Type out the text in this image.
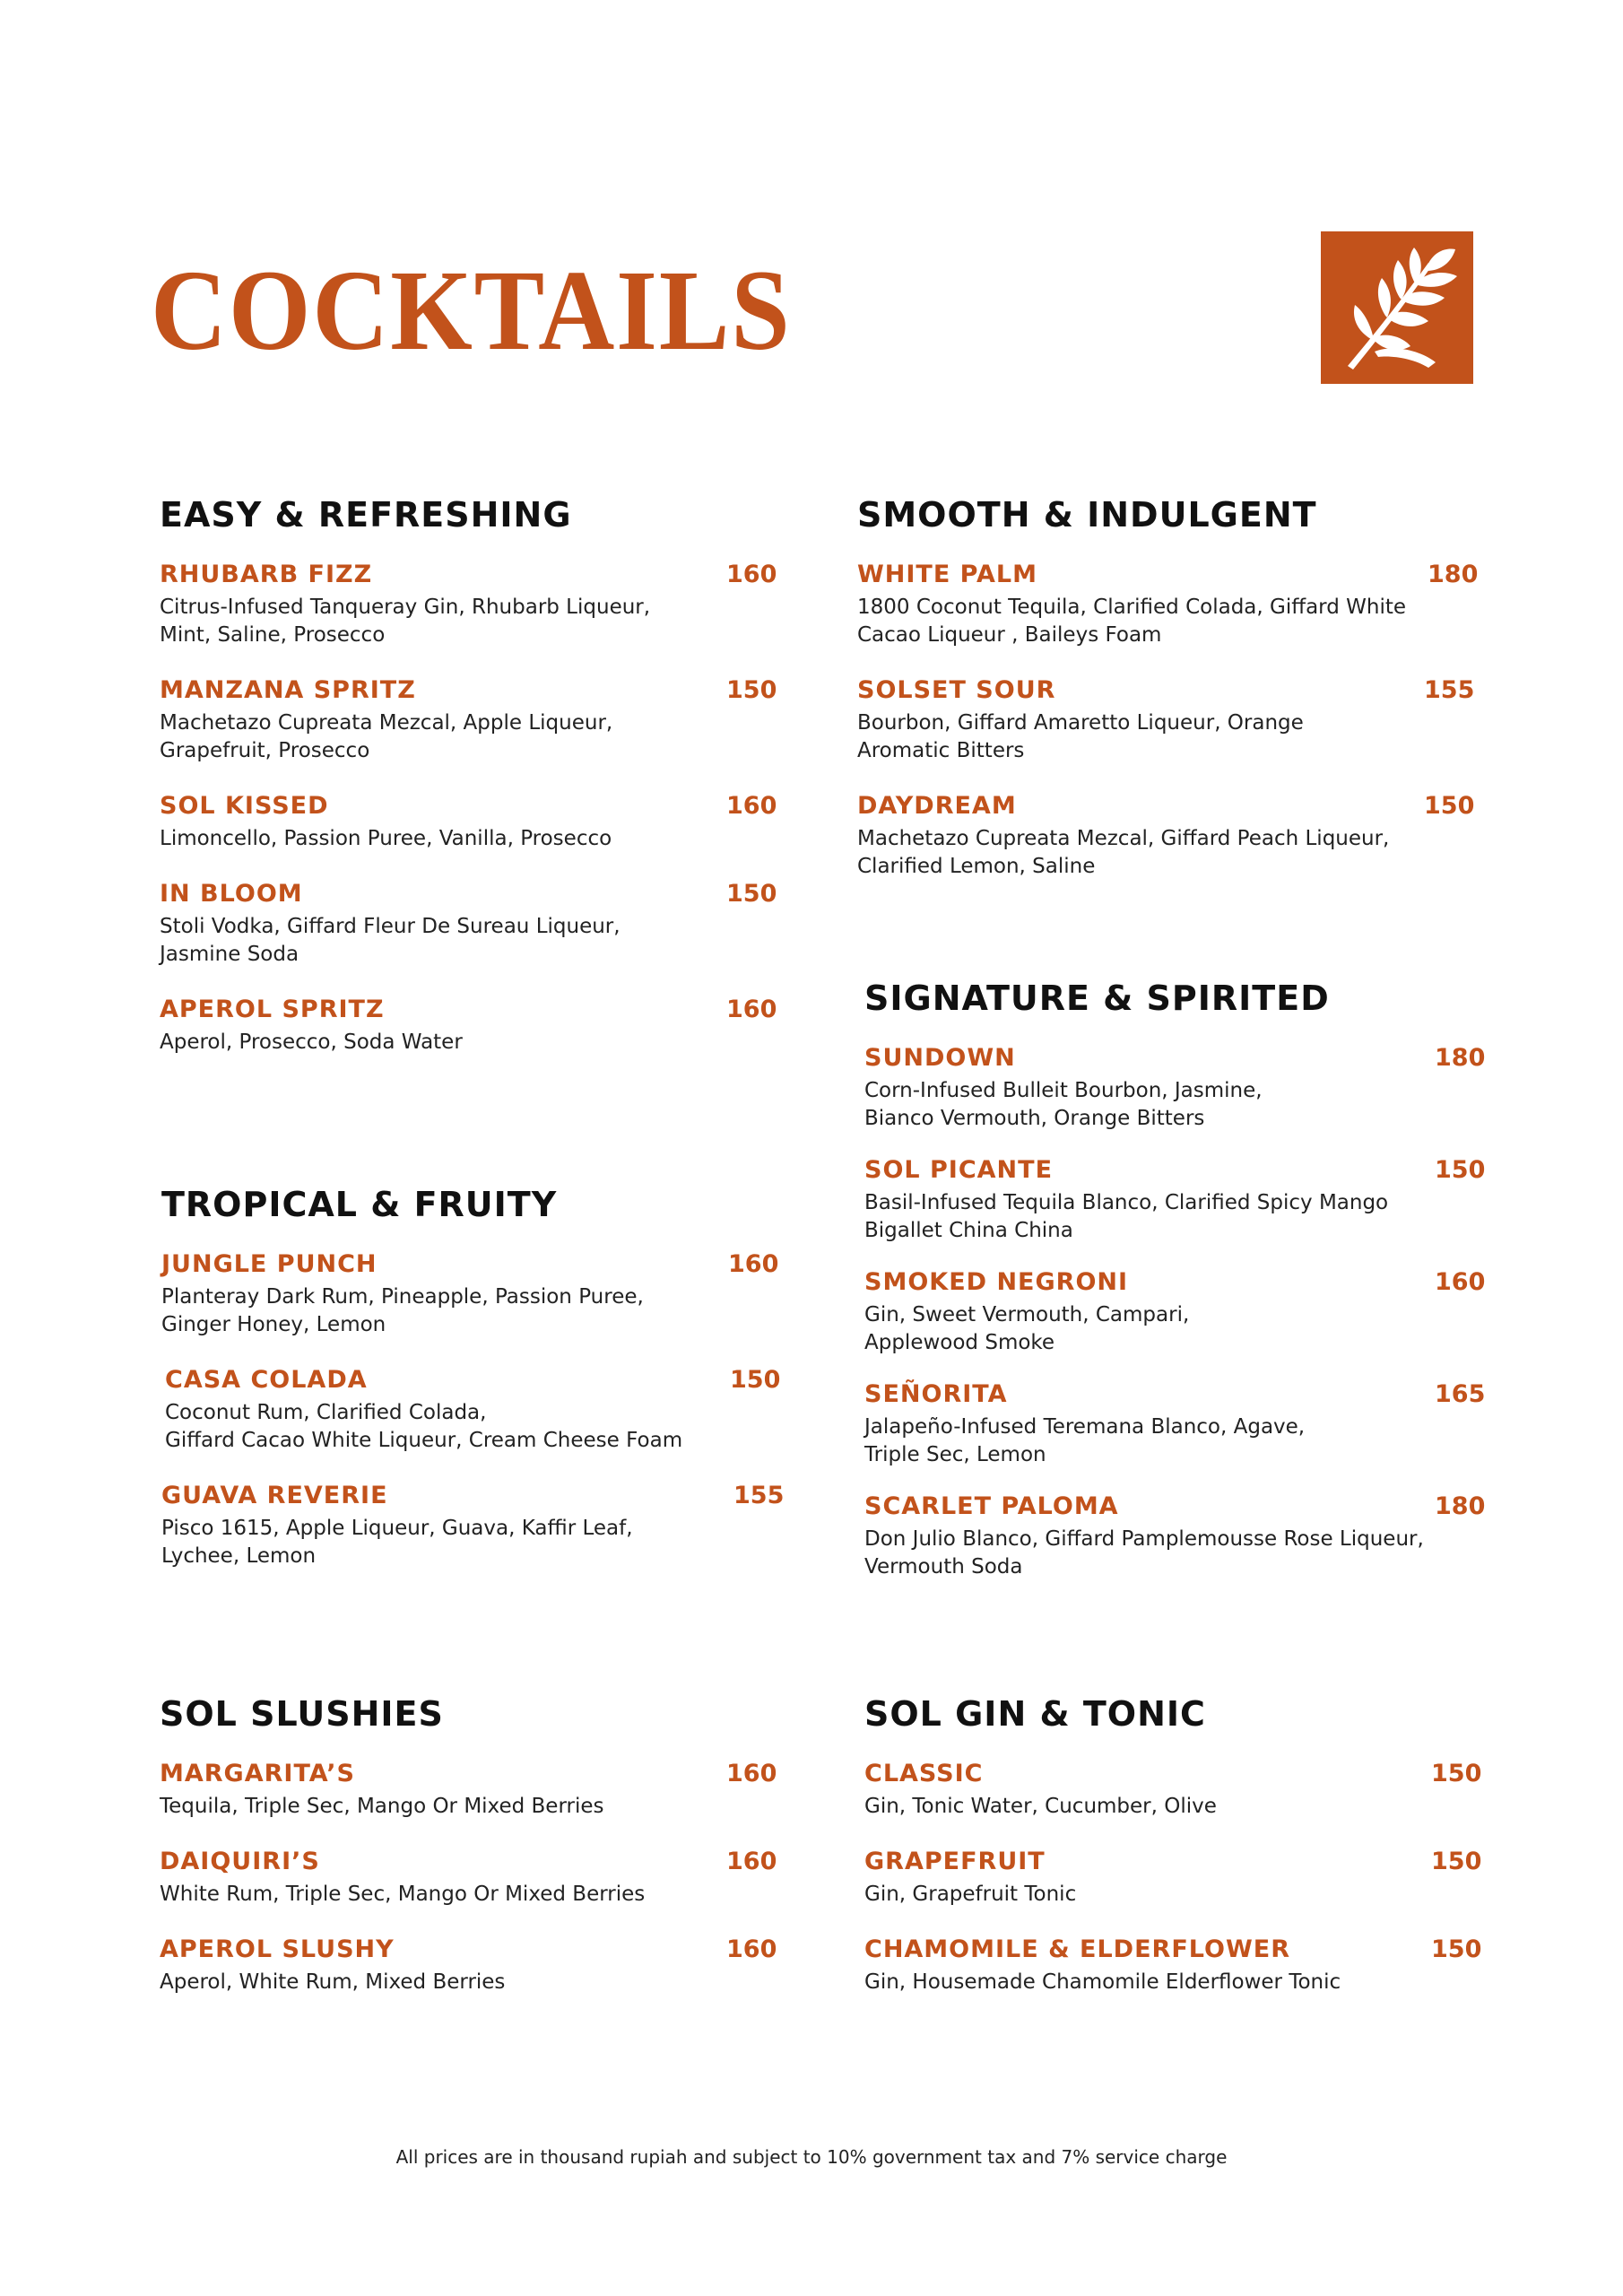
COCKTAILS
EASY & REFRESHING
RHUBARB FIZZ	160
Citrus-Infused Tanqueray Gin, Rhubarb Liqueur,
Mint, Saline, Prosecco
MANZANA SPRITZ	150
Machetazo Cupreata Mezcal, Apple Liqueur,
Grapefruit, Prosecco
SOL KISSED	160
Limoncello, Passion Puree, Vanilla, Prosecco
IN BLOOM	150
Stoli Vodka, Giffard Fleur De Sureau Liqueur,
Jasmine Soda
APEROL SPRITZ	160
Aperol, Prosecco, Soda Water
TROPICAL & FRUITY
JUNGLE PUNCH	160
Planteray Dark Rum, Pineapple, Passion Puree,
Ginger Honey, Lemon
CASA COLADA	150
Coconut Rum, Clarified Colada,
Giffard Cacao White Liqueur, Cream Cheese Foam
GUAVA REVERIE	155
Pisco 1615, Apple Liqueur, Guava, Kaffir Leaf,
Lychee, Lemon
SOL SLUSHIES
MARGARITA’S	160
Tequila, Triple Sec, Mango Or Mixed Berries
DAIQUIRI’S	160
White Rum, Triple Sec, Mango Or Mixed Berries
APEROL SLUSHY	160
Aperol, White Rum, Mixed Berries
SMOOTH & INDULGENT
WHITE PALM	180
1800 Coconut Tequila, Clarified Colada, Giffard White
Cacao Liqueur , Baileys Foam
SOLSET SOUR	155
Bourbon, Giffard Amaretto Liqueur, Orange
Aromatic Bitters
DAYDREAM	150
Machetazo Cupreata Mezcal, Giffard Peach Liqueur,
Clarified Lemon, Saline
SIGNATURE & SPIRITED
SUNDOWN	180
Corn-Infused Bulleit Bourbon, Jasmine,
Bianco Vermouth, Orange Bitters
SOL PICANTE	150
Basil-Infused Tequila Blanco, Clarified Spicy Mango
Bigallet China China
SMOKED NEGRONI	160
Gin, Sweet Vermouth, Campari,
Applewood Smoke
SEÑORITA	165
Jalapeño-Infused Teremana Blanco, Agave,
Triple Sec, Lemon
SCARLET PALOMA	180
Don Julio Blanco, Giffard Pamplemousse Rose Liqueur,
Vermouth Soda
SOL GIN & TONIC
CLASSIC	150
Gin, Tonic Water, Cucumber, Olive
GRAPEFRUIT	150
Gin, Grapefruit Tonic
CHAMOMILE & ELDERFLOWER	150
Gin, Housemade Chamomile Elderflower Tonic
All prices are in thousand rupiah and subject to 10% government tax and 7% service charge
